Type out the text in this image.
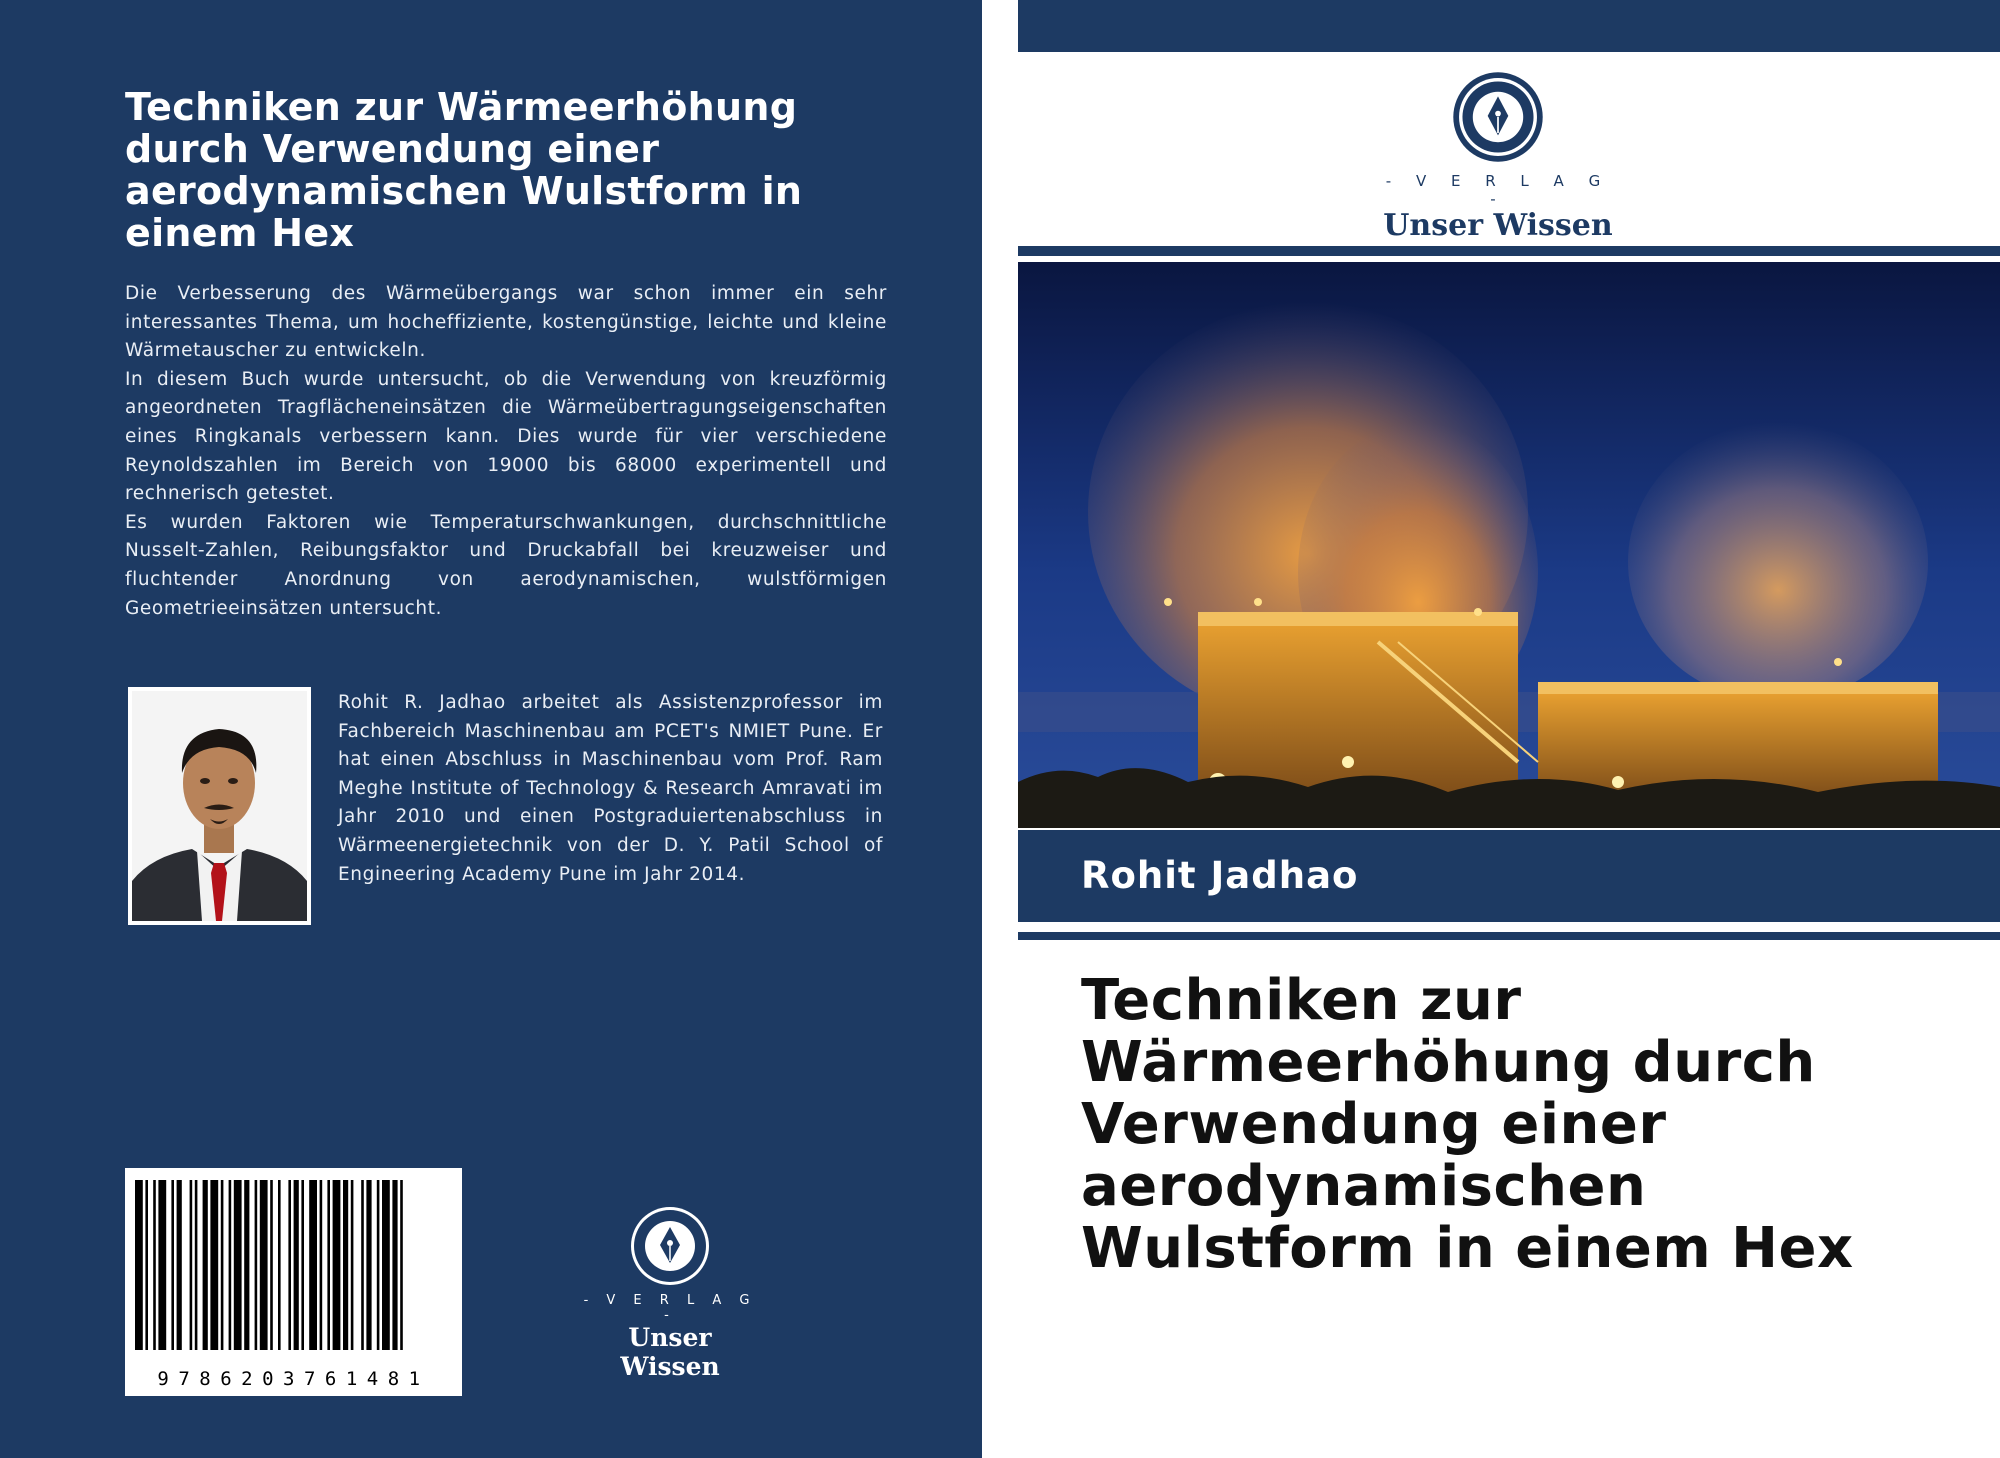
Techniken zur Wärmeerhöhung durch Verwendung einer aerodynamischen Wulstform in einem Hex

Die Verbesserung des Wärmeübergangs war schon immer ein sehr interessantes Thema, um hocheffiziente, kostengünstige, leichte und kleine Wärmetauscher zu entwickeln.

In diesem Buch wurde untersucht, ob die Verwendung von kreuzförmig angeordneten Tragflächeneinsätzen die Wärmeübertragungseigenschaften eines Ringkanals verbessern kann. Dies wurde für vier verschiedene Reynoldszahlen im Bereich von 19000 bis 68000 experimentell und rechnerisch getestet.

Es wurden Faktoren wie Temperaturschwankungen, durchschnittliche Nusselt-Zahlen, Reibungsfaktor und Druckabfall bei kreuzweiser und fluchtender Anordnung von aerodynamischen, wulstförmigen Geometrieeinsätzen untersucht.

Rohit R. Jadhao arbeitet als Assistenzprofessor im Fachbereich Maschinenbau am PCET's NMIET Pune. Er hat einen Abschluss in Maschinenbau vom Prof. Ram Meghe Institute of Technology & Research Amravati im Jahr 2010 und einen Postgraduiertenabschluss in Wärmeenergietechnik von der D. Y. Patil School of Engineering Academy Pune im Jahr 2014.

9786203761481
- V E R L A G -
Unser Wissen
- V E R L A G -
Unser Wissen
Rohit Jadhao
Techniken zur Wärmeerhöhung durch Verwendung einer aerodynamischen Wulstform in einem Hex
